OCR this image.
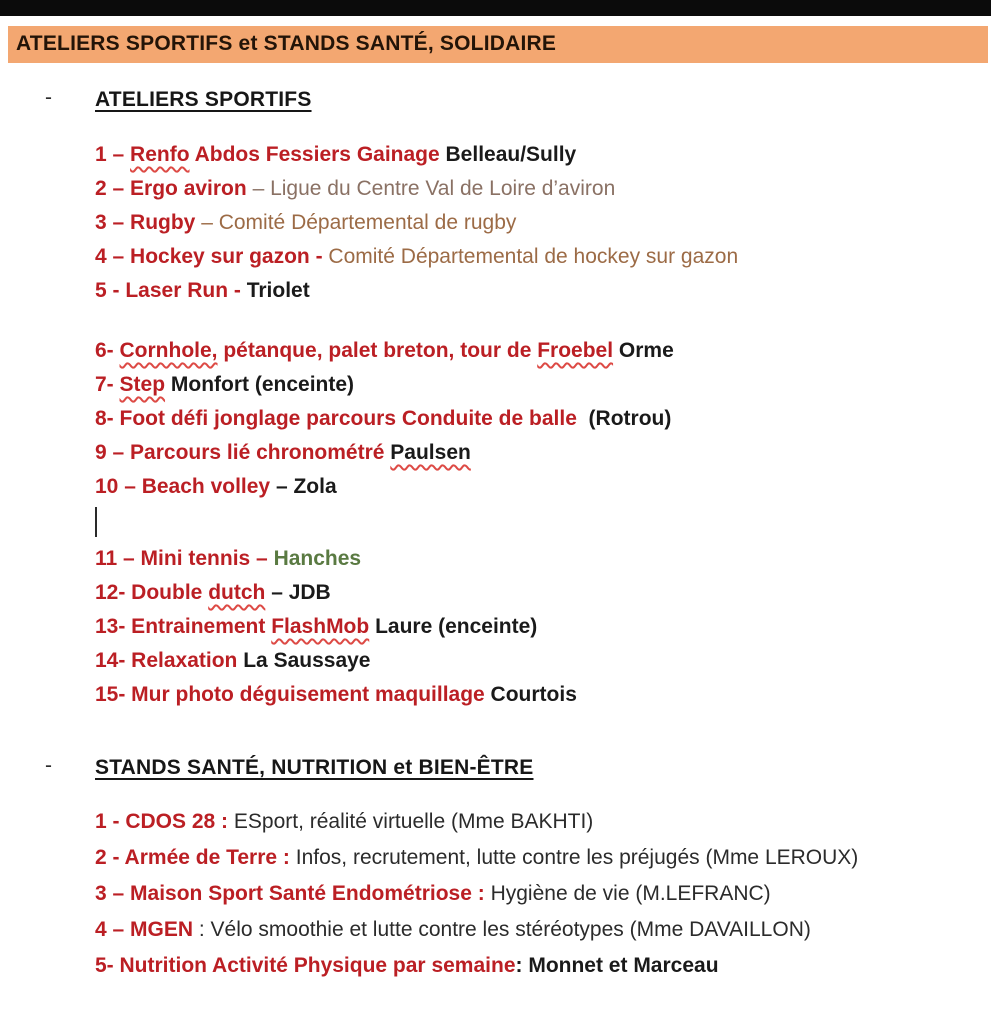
ATELIERS SPORTIFS et STANDS SANTÉ, SOLIDAIRE
- ATELIERS SPORTIFS
1 – Renfo Abdos Fessiers Gainage Belleau/Sully
2 – Ergo aviron – Ligue du Centre Val de Loire d’aviron
3 – Rugby – Comité Départemental de rugby
4 – Hockey sur gazon - Comité Départemental de hockey sur gazon
5 - Laser Run - Triolet
6- Cornhole, pétanque, palet breton, tour de Froebel Orme
7- Step Monfort (enceinte)
8- Foot défi jonglage parcours Conduite de balle  (Rotrou)
9 – Parcours lié chronométré Paulsen
10 – Beach volley – Zola
11 – Mini tennis – Hanches
12- Double dutch – JDB
13- Entrainement FlashMob Laure (enceinte)
14- Relaxation La Saussaye
15- Mur photo déguisement maquillage Courtois
- STANDS SANTÉ, NUTRITION et BIEN-ÊTRE
1 - CDOS 28 : ESport, réalité virtuelle (Mme BAKHTI)
2 - Armée de Terre : Infos, recrutement, lutte contre les préjugés (Mme LEROUX)
3 – Maison Sport Santé Endométriose : Hygiène de vie (M.LEFRANC)
4 – MGEN : Vélo smoothie et lutte contre les stéréotypes (Mme DAVAILLON)
5- Nutrition Activité Physique par semaine: Monnet et Marceau
